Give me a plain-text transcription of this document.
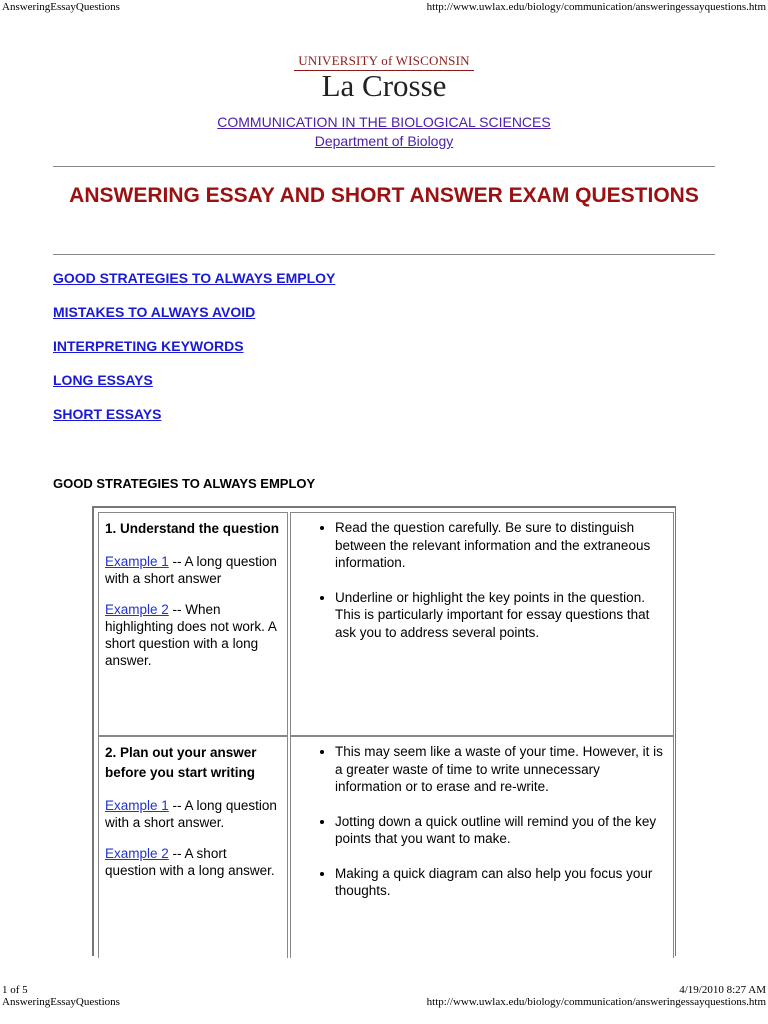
AnsweringEssayQuestions	http://www.uwlax.edu/biology/communication/answeringessayquestions.htm
UNIVERSITY of WISCONSIN
La Crosse
COMMUNICATION IN THE BIOLOGICAL SCIENCES
Department of Biology
ANSWERING ESSAY AND SHORT ANSWER EXAM QUESTIONS
GOOD STRATEGIES TO ALWAYS EMPLOY
MISTAKES TO ALWAYS AVOID
INTERPRETING KEYWORDS
LONG ESSAYS
SHORT ESSAYS
GOOD STRATEGIES TO ALWAYS EMPLOY
1. Understand the question

Example 1 -- A long question with a short answer

Example 2 -- When highlighting does not work. A short question with a long answer.

• Read the question carefully. Be sure to distinguish between the relevant information and the extraneous information.
• Underline or highlight the key points in the question. This is particularly important for essay questions that ask you to address several points.
2. Plan out your answer before you start writing

Example 1 -- A long question with a short answer.

Example 2 -- A short question with a long answer.

• This may seem like a waste of your time. However, it is a greater waste of time to write unnecessary information or to erase and re-write.
• Jotting down a quick outline will remind you of the key points that you want to make.
• Making a quick diagram can also help you focus your thoughts.
1 of 5	4/19/2010 8:27 AM
AnsweringEssayQuestions	http://www.uwlax.edu/biology/communication/answeringessayquestions.htm
